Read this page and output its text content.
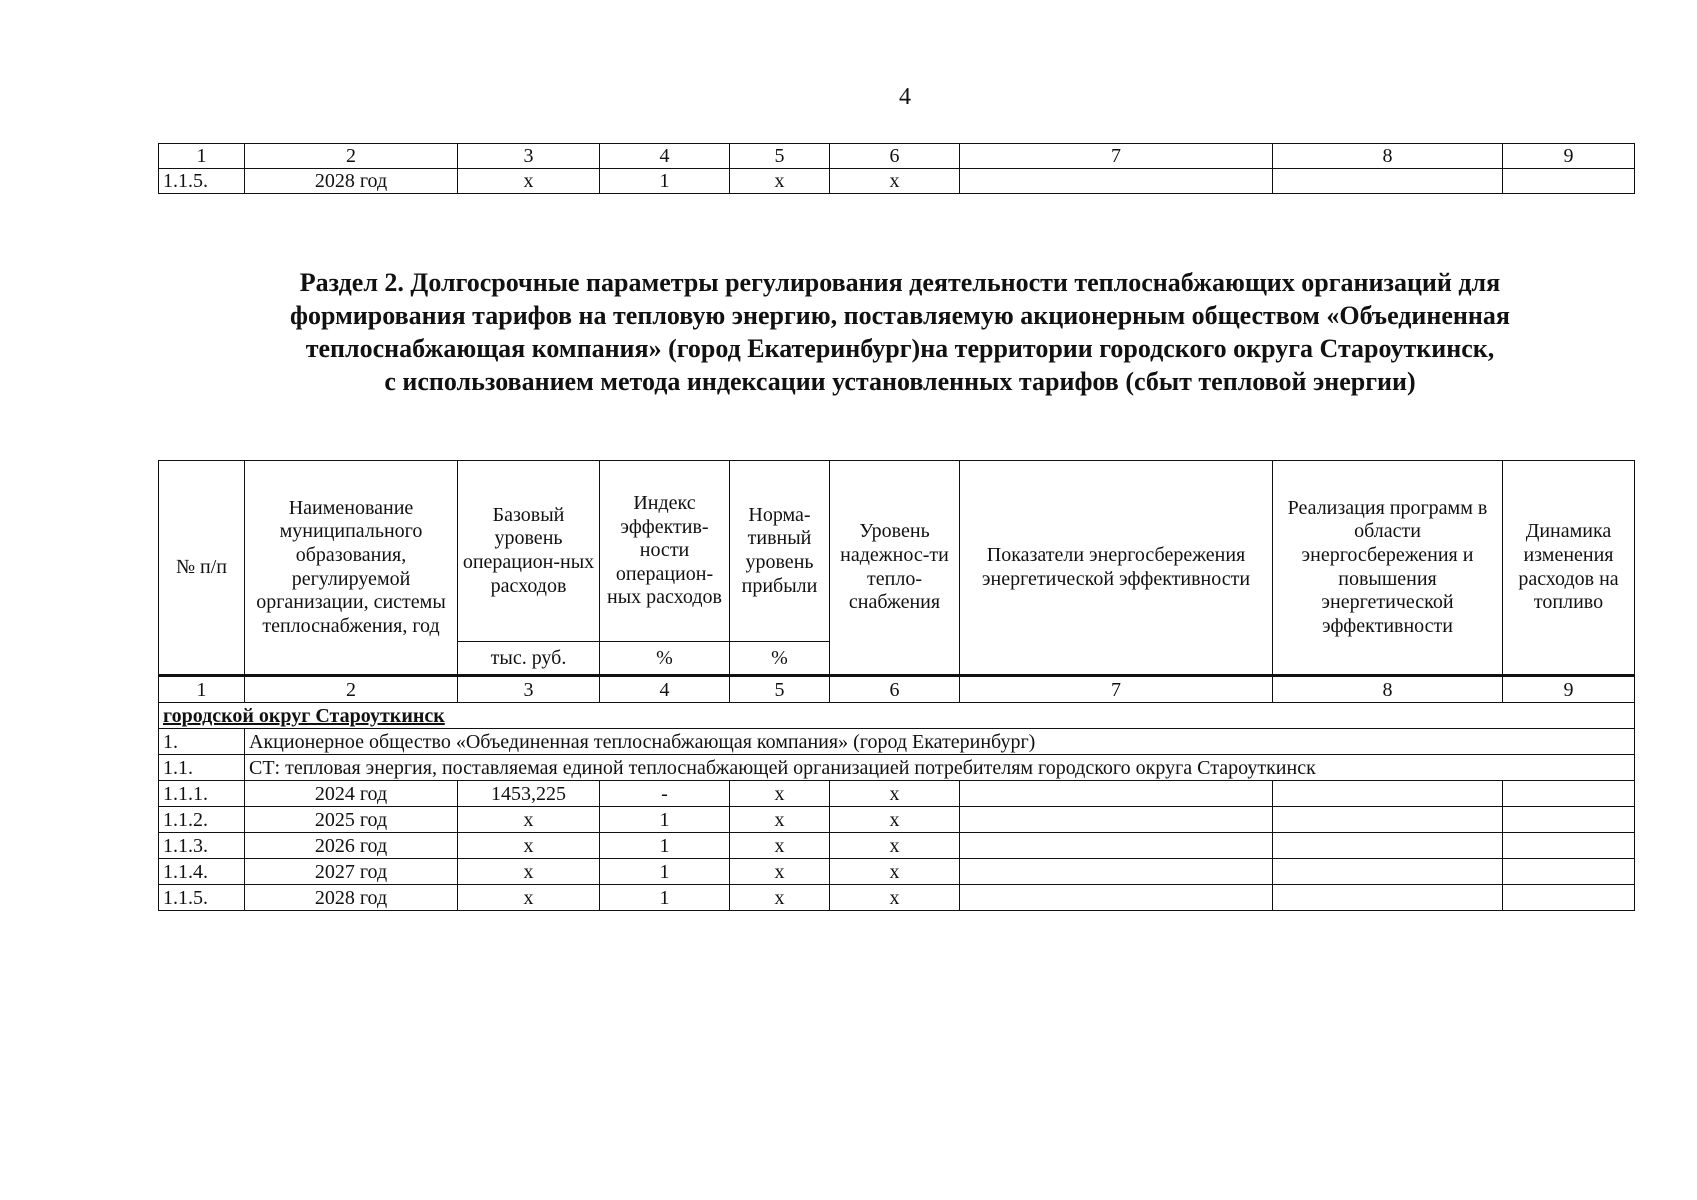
4
1	2	3	4	5	6	7	8	9
1.1.5.	2028 год	х	1	х	х			
Раздел 2. Долгосрочные параметры регулирования деятельности теплоснабжающих организаций для
формирования тарифов на тепловую энергию, поставляемую акционерным обществом «Объединенная
теплоснабжающая компания» (город Екатеринбург)на территории городского округа Староуткинск,
с использованием метода индексации установленных тарифов (сбыт тепловой энергии)
№ п/п	Наименование муниципального образования, регулируемой организации, системы теплоснабжения, год	Базовый уровень операцион-ных расходов	Индекс эффектив-ности операцион-ных расходов	Норма-тивный уровень прибыли	Уровень надежнос-ти тепло-снабжения	Показатели энергосбережения энергетической эффективности	Реализация программ в области энергосбережения и повышения энергетической эффективности	Динамика изменения расходов на топливо
		тыс. руб.	%	%				
1	2	3	4	5	6	7	8	9
городской округ Староуткинск								
1.	Акционерное общество «Объединенная теплоснабжающая компания» (город Екатеринбург)							
1.1.	СТ: тепловая энергия, поставляемая единой теплоснабжающей организацией потребителям городского округа Староуткинск							
1.1.1.	2024 год	1453,225	-	х	х			
1.1.2.	2025 год	х	1	х	х			
1.1.3.	2026 год	х	1	х	х			
1.1.4.	2027 год	х	1	х	х			
1.1.5.	2028 год	х	1	х	х			
